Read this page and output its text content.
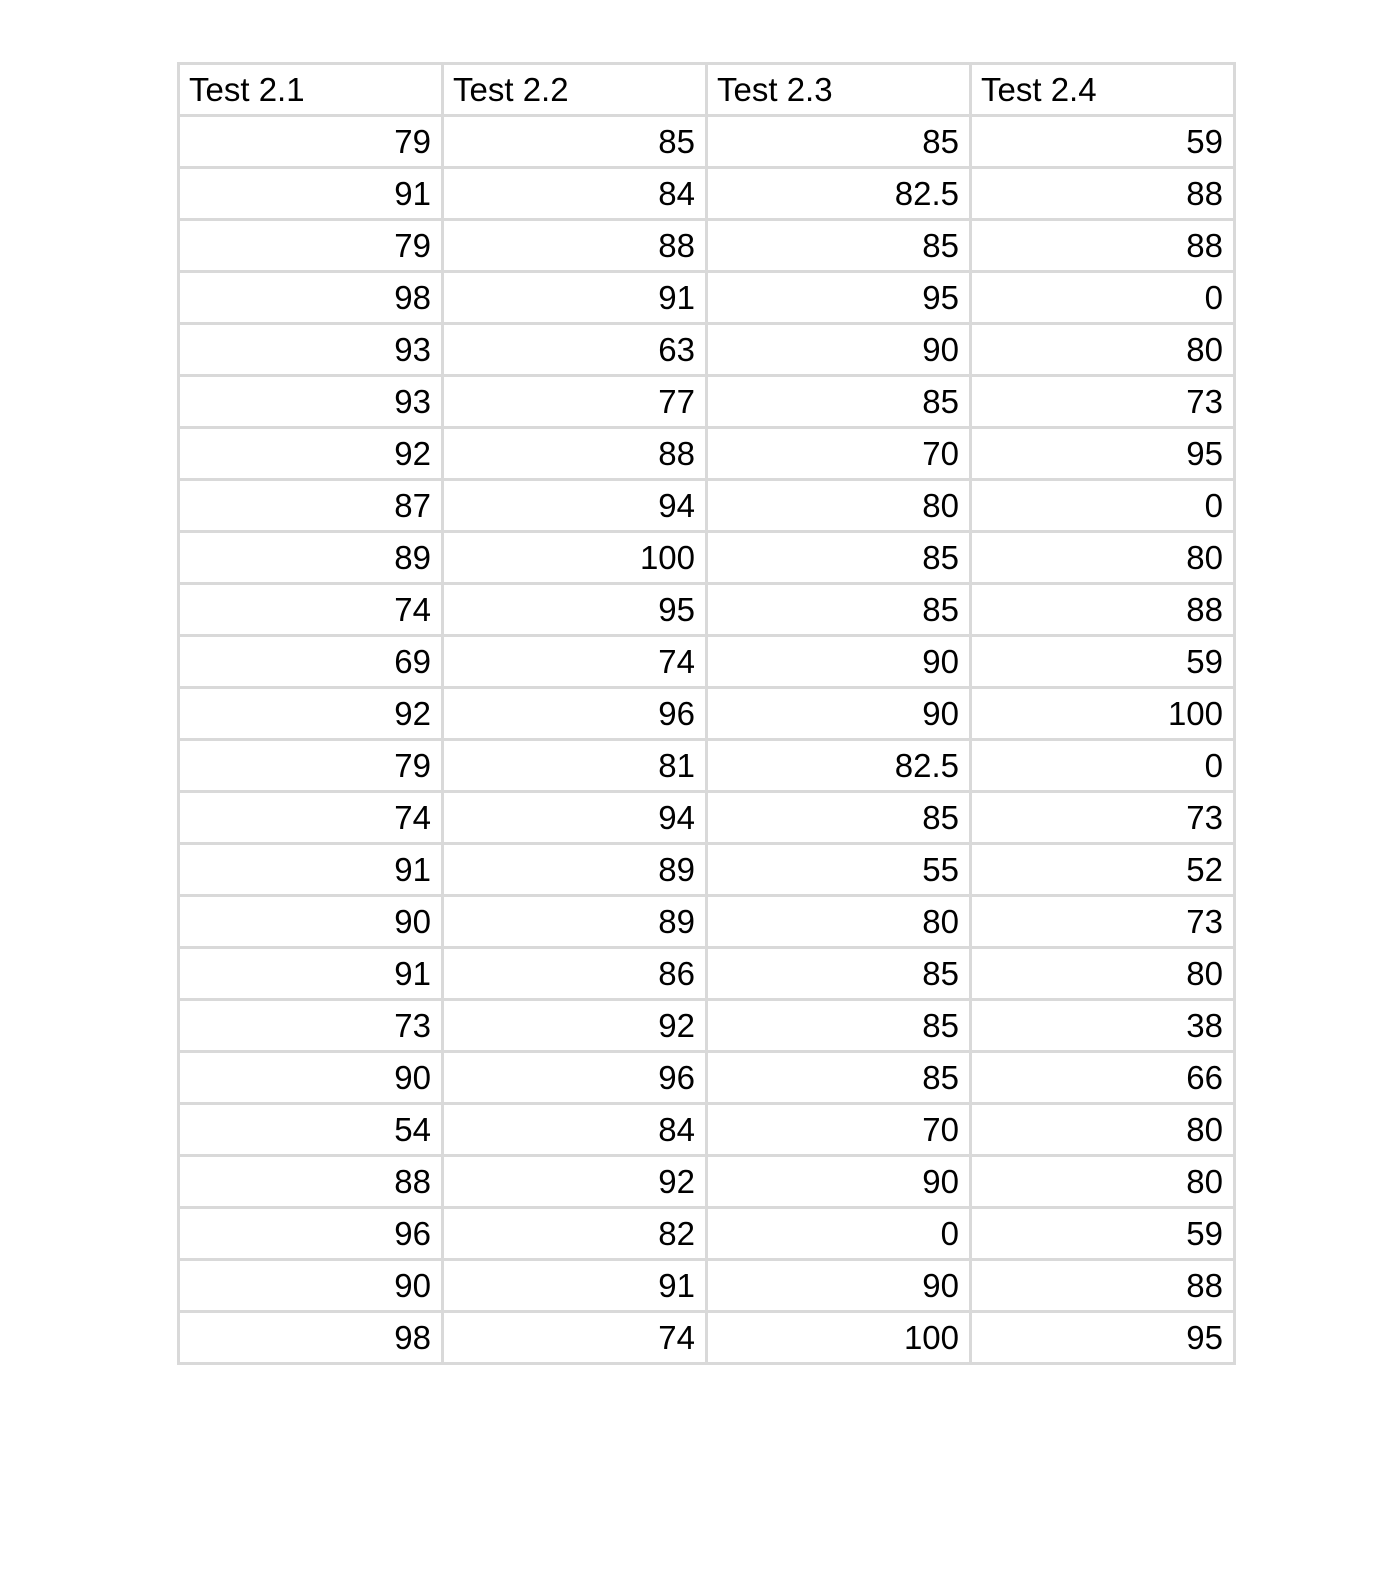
Test 2.1	Test 2.2	Test 2.3	Test 2.4
79	85	85	59
91	84	82.5	88
79	88	85	88
98	91	95	0
93	63	90	80
93	77	85	73
92	88	70	95
87	94	80	0
89	100	85	80
74	95	85	88
69	74	90	59
92	96	90	100
79	81	82.5	0
74	94	85	73
91	89	55	52
90	89	80	73
91	86	85	80
73	92	85	38
90	96	85	66
54	84	70	80
88	92	90	80
96	82	0	59
90	91	90	88
98	74	100	95
